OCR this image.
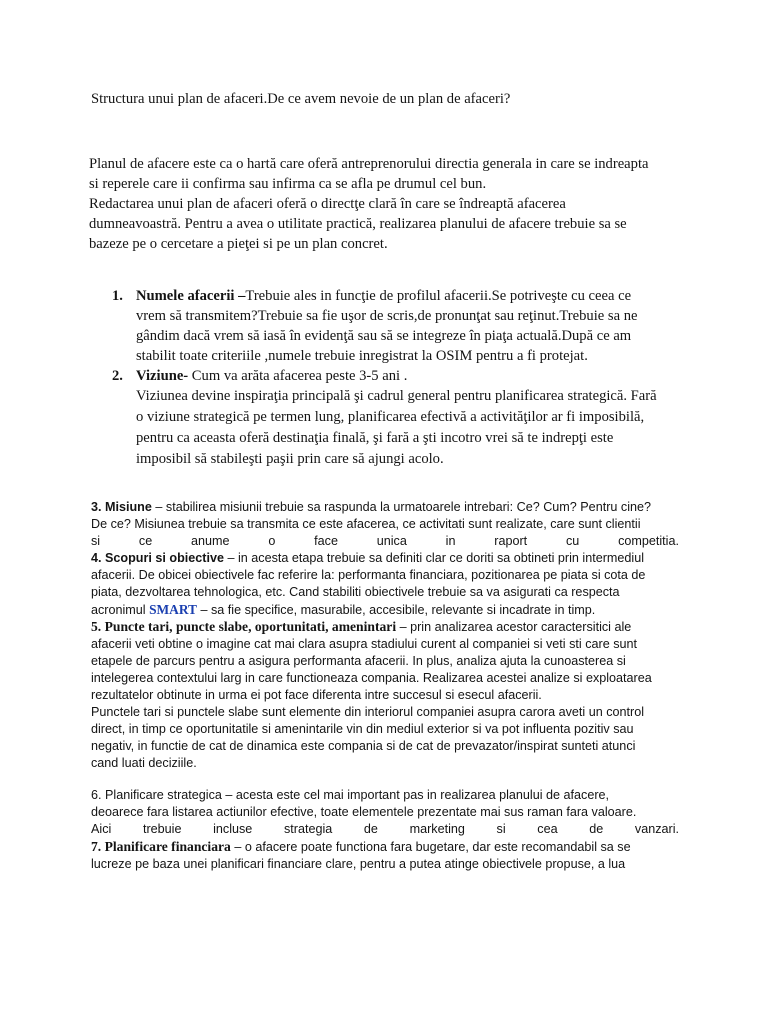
Structura unui plan de afaceri.De ce avem nevoie de un plan de afaceri?
Planul de afacere este ca o hartă care oferă antreprenorului directia generala in care se indreapta
si reperele care ii confirma sau infirma ca se afla pe drumul cel bun.
Redactarea unui plan de afaceri oferă o directţe clară în care se îndreaptă afacerea
dumneavoastră. Pentru a avea o utilitate practică, realizarea planului de afacere trebuie sa se
bazeze pe o cercetare a pieţei si pe un plan concret.
1. Numele afacerii –Trebuie ales in funcţie de profilul afacerii.Se potriveşte cu ceea ce
vrem să transmitem?Trebuie sa fie uşor de scris,de pronunţat sau reţinut.Trebuie sa ne
gândim dacă vrem să iasă în evidenţă sau să se integreze în piaţa actuală.După ce am
stabilit toate criteriile ,numele trebuie inregistrat la OSIM pentru a fi protejat.
2. Viziune- Cum va arăta afacerea peste 3-5 ani .
Viziunea devine inspiraţia principală şi cadrul general pentru planificarea strategică. Fară
o viziune strategică pe termen lung, planificarea efectivă a activităţilor ar fi imposibilă,
pentru ca aceasta oferă destinaţia finală, şi fară a şti incotro vrei să te indrepţi este
imposibil să stabileşti paşii prin care să ajungi acolo.
3. Misiune – stabilirea misiunii trebuie sa raspunda la urmatoarele intrebari: Ce? Cum? Pentru cine?
De ce? Misiunea trebuie sa transmita ce este afacerea, ce activitati sunt realizate, care sunt clientii
si ce anume o face unica in raport cu competitia.
4. Scopuri si obiective – in acesta etapa trebuie sa definiti clar ce doriti sa obtineti prin intermediul
afacerii. De obicei obiectivele fac referire la: performanta financiara, pozitionarea pe piata si cota de
piata, dezvoltarea tehnologica, etc. Cand stabiliti obiectivele trebuie sa va asigurati ca respecta
acronimul SMART – sa fie specifice, masurabile, accesibile, relevante si incadrate in timp.
5. Puncte tari, puncte slabe, oportunitati, amenintari – prin analizarea acestor caractersitici ale
afacerii veti obtine o imagine cat mai clara asupra stadiului curent al companiei si veti sti care sunt
etapele de parcurs pentru a asigura performanta afacerii. In plus, analiza ajuta la cunoasterea si
intelegerea contextului larg in care functioneaza compania. Realizarea acestei analize si exploatarea
rezultatelor obtinute in urma ei pot face diferenta intre succesul si esecul afacerii.
Punctele tari si punctele slabe sunt elemente din interiorul companiei asupra carora aveti un control
direct, in timp ce oportunitatile si amenintarile vin din mediul exterior si va pot influenta pozitiv sau
negativ, in functie de cat de dinamica este compania si de cat de prevazator/inspirat sunteti atunci
cand luati deciziile.
6. Planificare strategica – acesta este cel mai important pas in realizarea planului de afacere,
deoarece fara listarea actiunilor efective, toate elementele prezentate mai sus raman fara valoare.
Aici trebuie incluse strategia de marketing si cea de vanzari.
7. Planificare financiara – o afacere poate functiona fara bugetare, dar este recomandabil sa se
lucreze pe baza unei planificari financiare clare, pentru a putea atinge obiectivele propuse, a lua
